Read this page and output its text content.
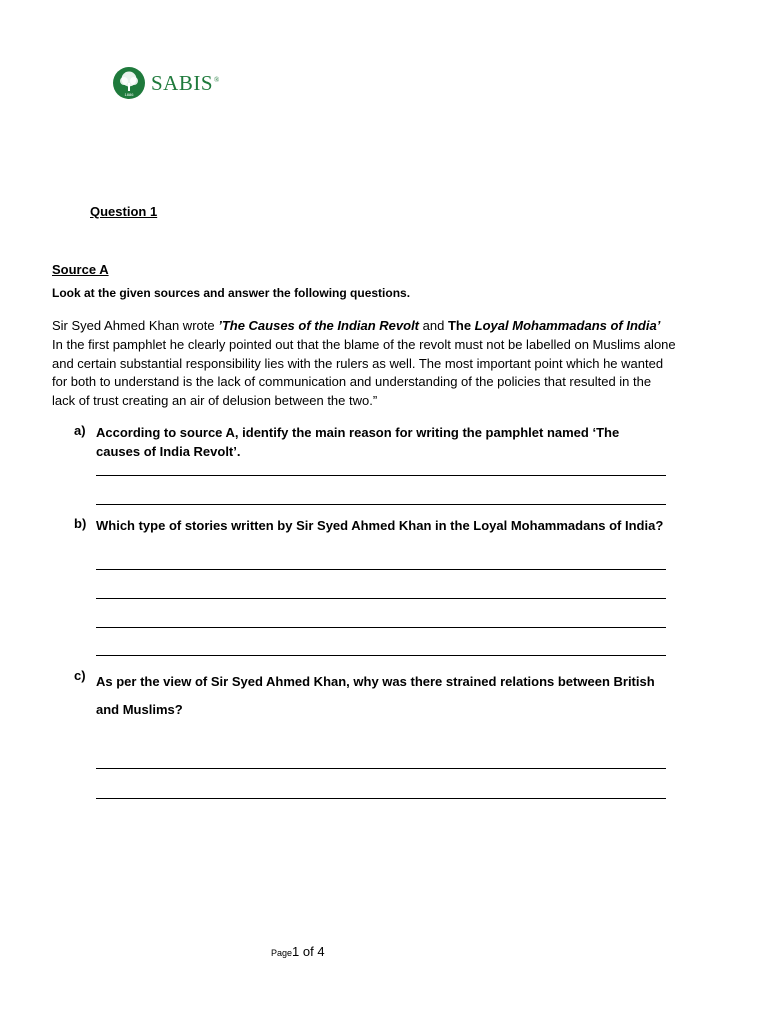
1886 SABIS®
Question 1
Source A
Look at the given sources and answer the following questions.
Sir Syed Ahmed Khan wrote ’The Causes of the Indian Revolt and The Loyal Mohammadans of India’
In the first pamphlet he clearly pointed out that the blame of the revolt must not be labelled on Muslims alone and certain substantial responsibility lies with the rulers as well. The most important point which he wanted for both to understand is the lack of communication and understanding of the policies that resulted in the lack of trust creating an air of delusion between the two.”
a) According to source A, identify the main reason for writing the pamphlet named ‘The causes of India Revolt’.
b) Which type of stories written by Sir Syed Ahmed Khan in the Loyal Mohammadans of India?
c) As per the view of Sir Syed Ahmed Khan, why was there strained relations between British and Muslims?
Page1 of 4
